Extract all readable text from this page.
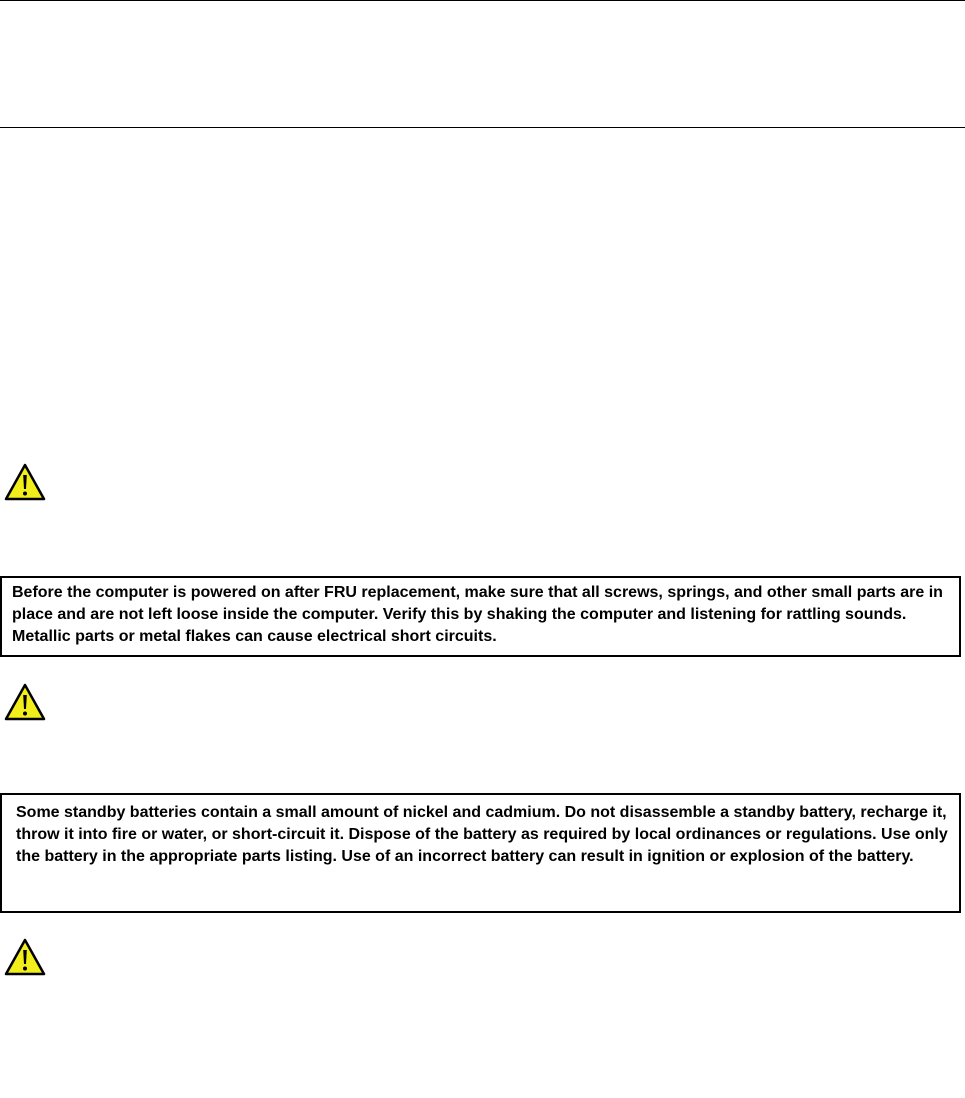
Before the computer is powered on after FRU replacement, make sure that all screws, springs, and other small parts are in place and are not left loose inside the computer. Verify this by shaking the computer and listening for rattling sounds. Metallic parts or metal flakes can cause electrical short circuits.

Some standby batteries contain a small amount of nickel and cadmium. Do not disassemble a standby battery, recharge it, throw it into fire or water, or short-circuit it. Dispose of the battery as required by local ordinances or regulations. Use only the battery in the appropriate parts listing. Use of an incorrect battery can result in ignition or explosion of the battery.
